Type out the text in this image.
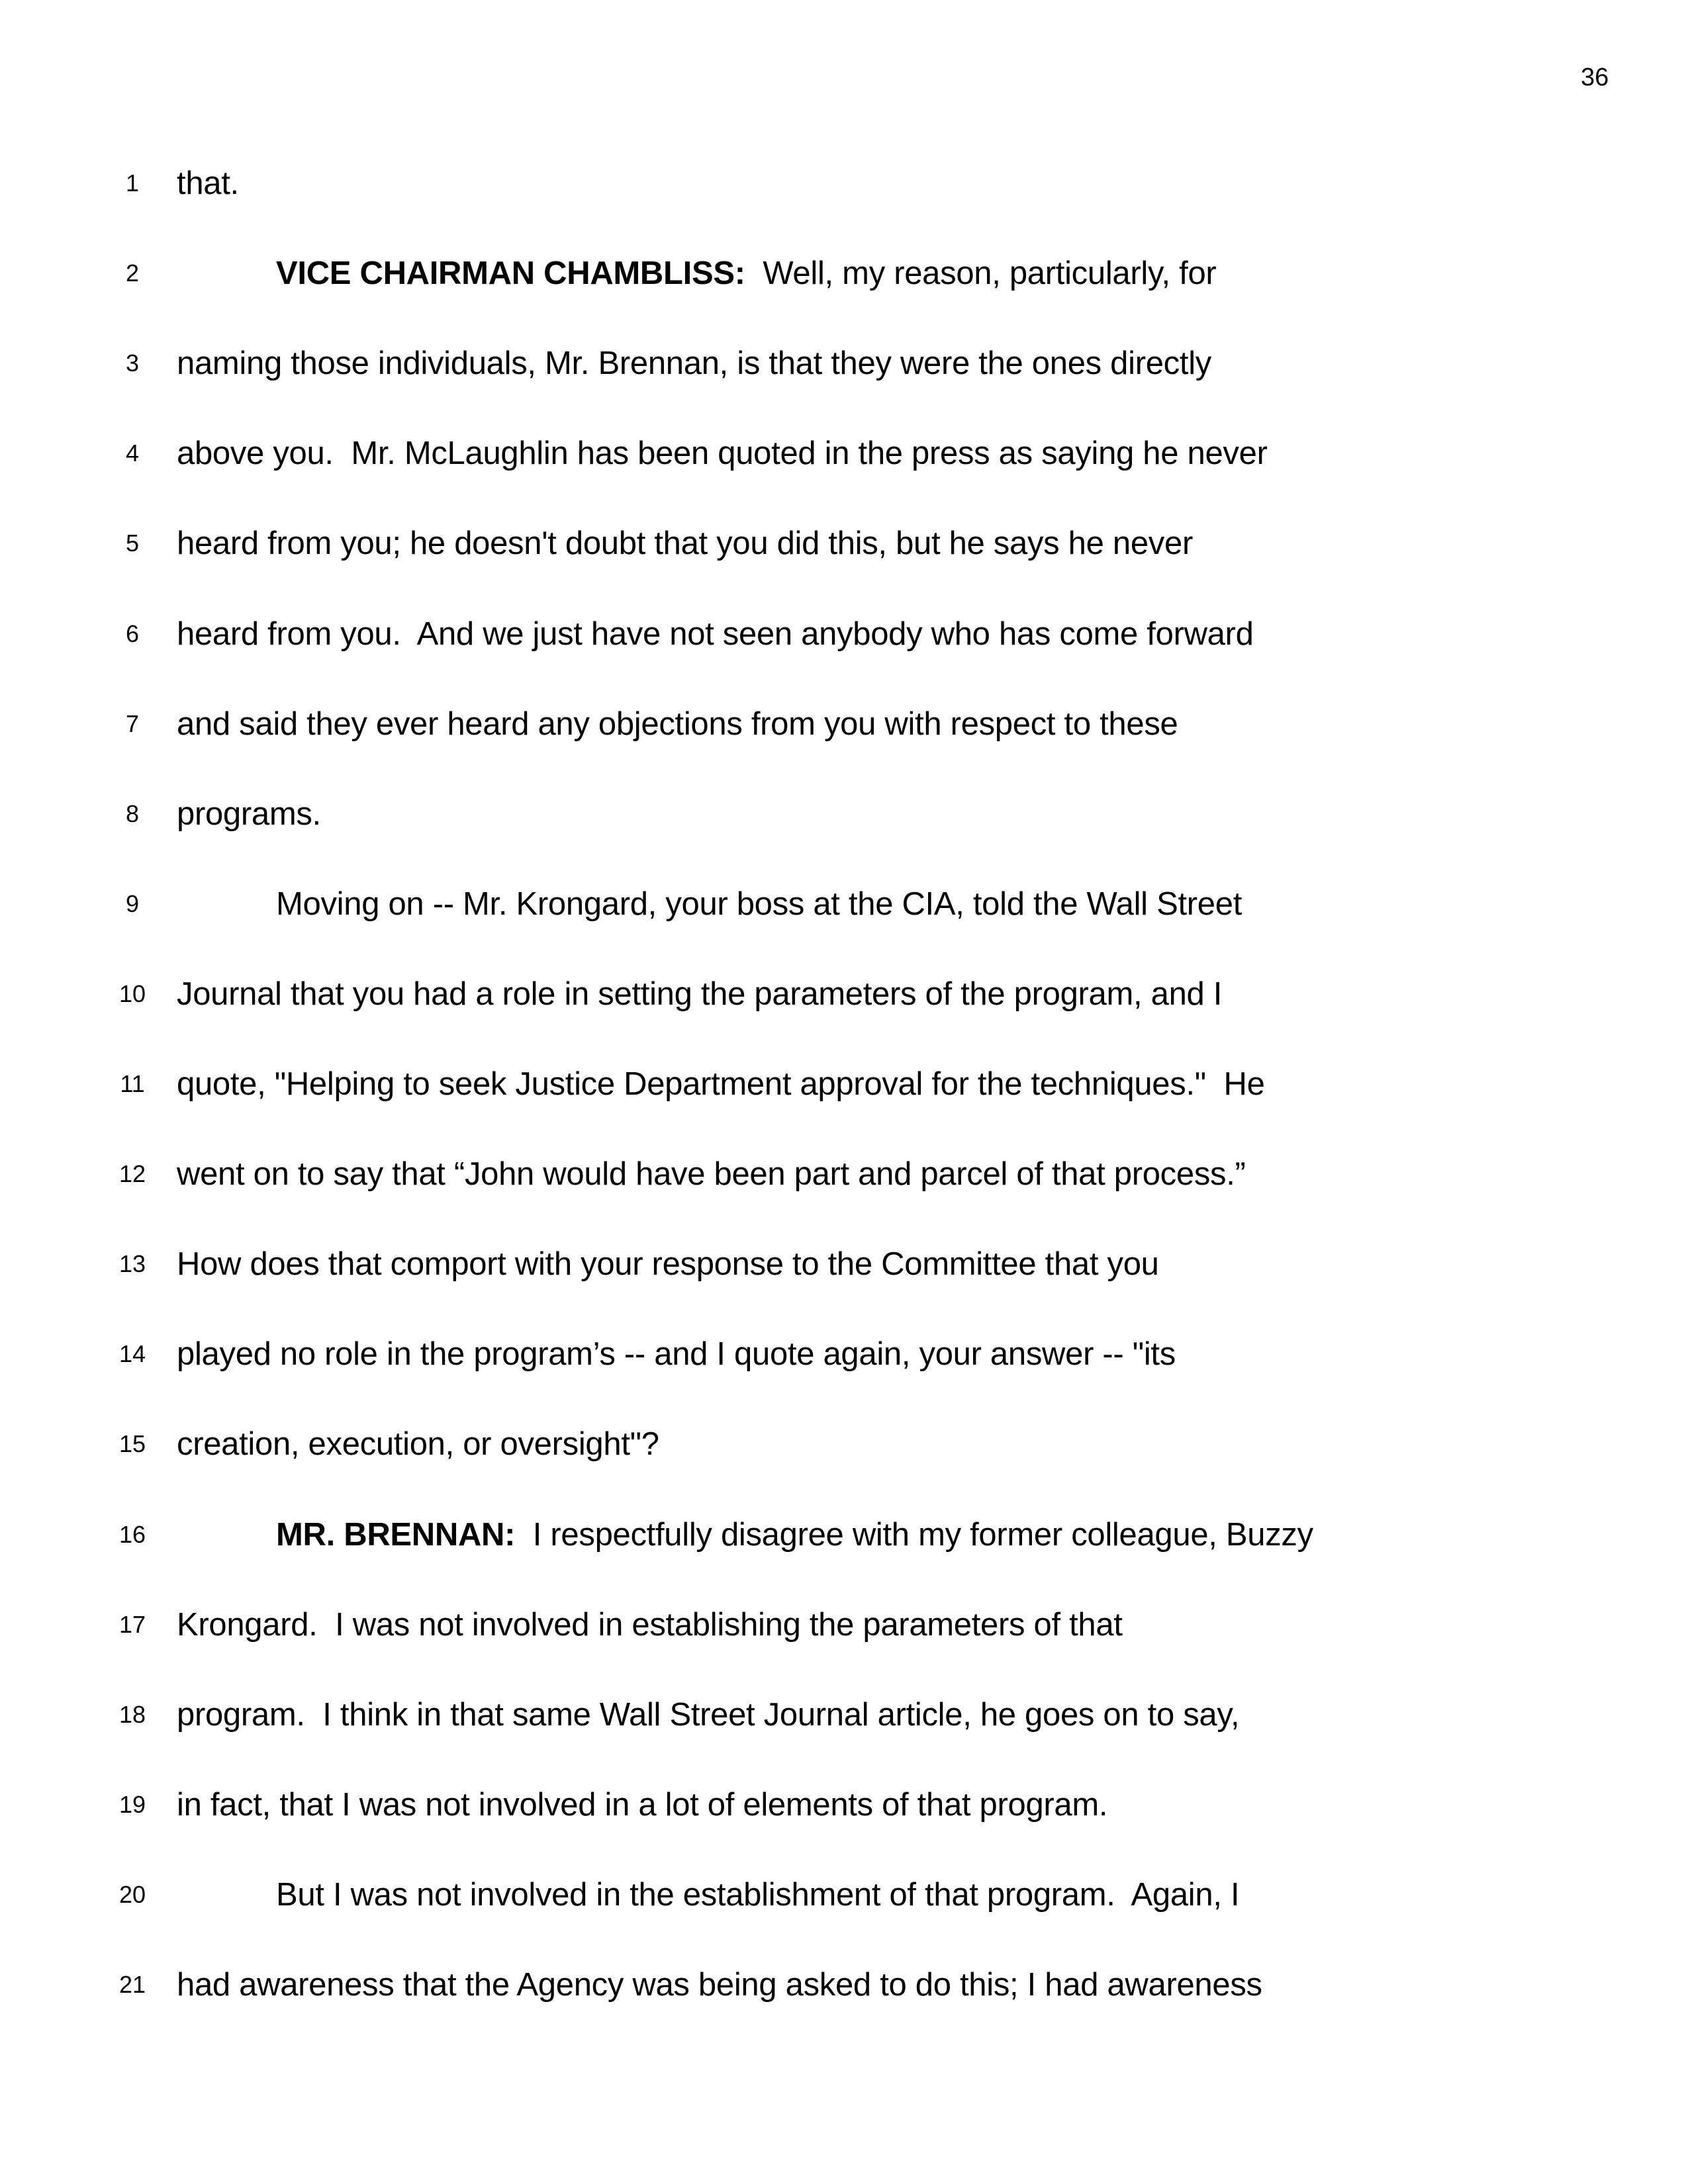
36
1	that.
2	VICE CHAIRMAN CHAMBLISS:  Well, my reason, particularly, for
3	naming those individuals, Mr. Brennan, is that they were the ones directly
4	above you.  Mr. McLaughlin has been quoted in the press as saying he never
5	heard from you; he doesn't doubt that you did this, but he says he never
6	heard from you.  And we just have not seen anybody who has come forward
7	and said they ever heard any objections from you with respect to these
8	programs.
9	Moving on -- Mr. Krongard, your boss at the CIA, told the Wall Street
10 Journal that you had a role in setting the parameters of the program, and I
11 quote, "Helping to seek Justice Department approval for the techniques."  He
12 went on to say that “John would have been part and parcel of that process.”
13 How does that comport with your response to the Committee that you
14 played no role in the program’s -- and I quote again, your answer -- "its
15 creation, execution, or oversight"?
16	MR. BRENNAN:  I respectfully disagree with my former colleague, Buzzy
17 Krongard.  I was not involved in establishing the parameters of that
18 program.  I think in that same Wall Street Journal article, he goes on to say,
19 in fact, that I was not involved in a lot of elements of that program.
20	But I was not involved in the establishment of that program.  Again, I
21 had awareness that the Agency was being asked to do this; I had awareness
